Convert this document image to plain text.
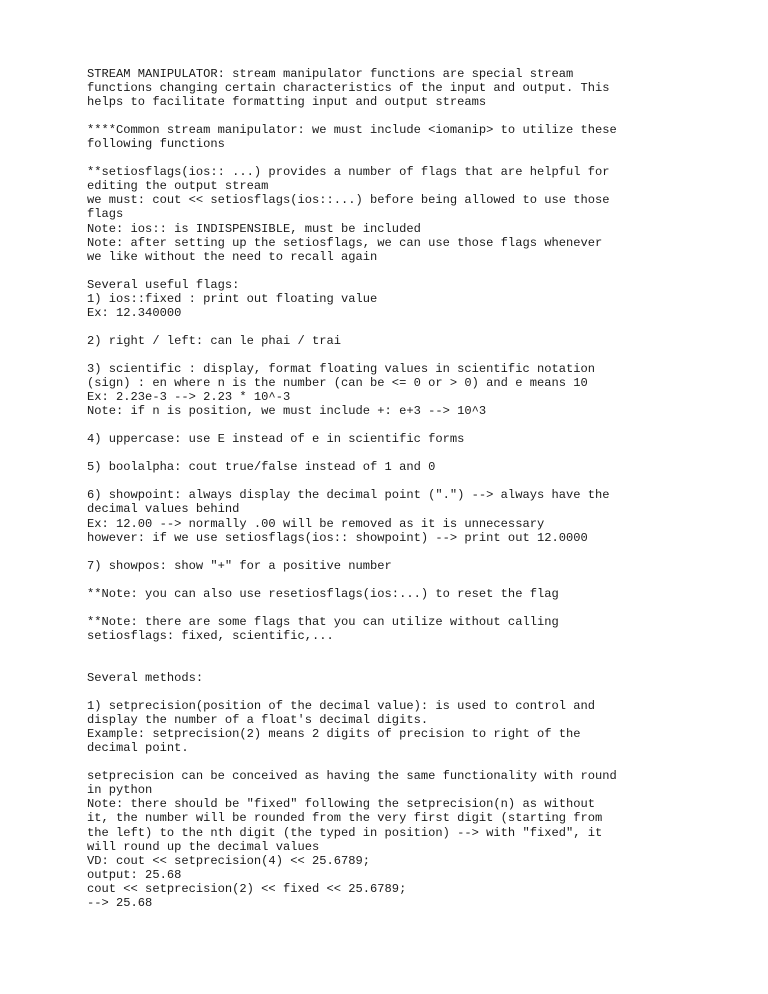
STREAM MANIPULATOR: stream manipulator functions are special stream
functions changing certain characteristics of the input and output. This
helps to facilitate formatting input and output streams
****Common stream manipulator: we must include <iomanip> to utilize these
following functions
**setiosflags(ios:: ...) provides a number of flags that are helpful for
editing the output stream
we must: cout << setiosflags(ios::...) before being allowed to use those
flags
Note: ios:: is INDISPENSIBLE, must be included
Note: after setting up the setiosflags, we can use those flags whenever
we like without the need to recall again
Several useful flags:
1) ios::fixed : print out floating value
Ex: 12.340000
2) right / left: can le phai / trai
3) scientific : display, format floating values in scientific notation
(sign) : en where n is the number (can be <= 0 or > 0) and e means 10
Ex: 2.23e-3 --> 2.23 * 10^-3
Note: if n is position, we must include +: e+3 --> 10^3
4) uppercase: use E instead of e in scientific forms
5) boolalpha: cout true/false instead of 1 and 0
6) showpoint: always display the decimal point (".") --> always have the
decimal values behind
Ex: 12.00 --> normally .00 will be removed as it is unnecessary
however: if we use setiosflags(ios:: showpoint) --> print out 12.0000
7) showpos: show "+" for a positive number
**Note: you can also use resetiosflags(ios:...) to reset the flag
**Note: there are some flags that you can utilize without calling
setiosflags: fixed, scientific,...
Several methods:
1) setprecision(position of the decimal value): is used to control and
display the number of a float's decimal digits.
Example: setprecision(2) means 2 digits of precision to right of the
decimal point.
setprecision can be conceived as having the same functionality with round
in python
Note: there should be "fixed" following the setprecision(n) as without
it, the number will be rounded from the very first digit (starting from
the left) to the nth digit (the typed in position) --> with "fixed", it
will round up the decimal values
VD: cout << setprecision(4) << 25.6789;
output: 25.68
cout << setprecision(2) << fixed << 25.6789;
--> 25.68
